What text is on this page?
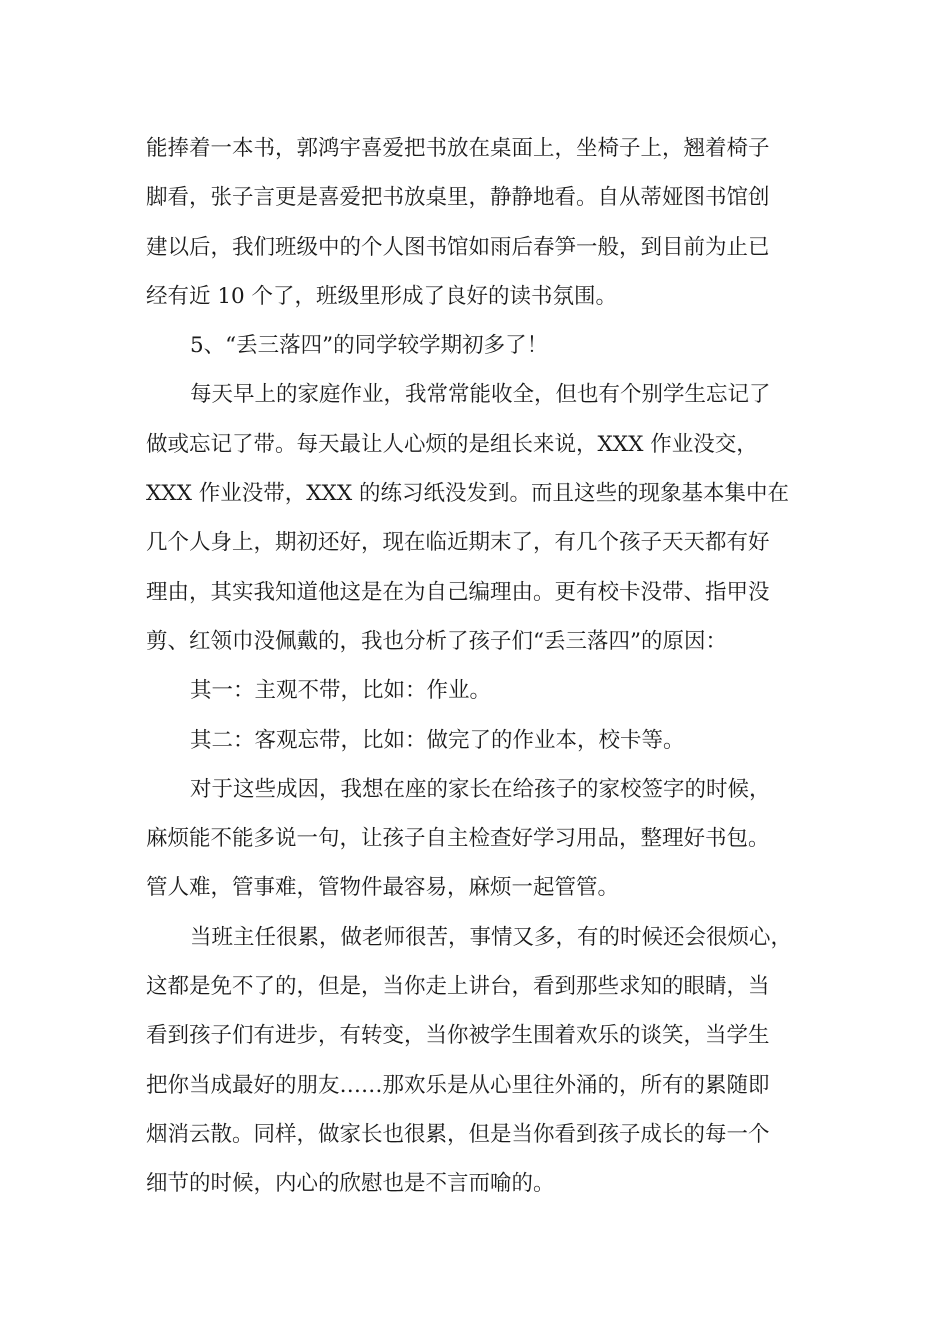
能捧着一本书，郭鸿宇喜爱把书放在桌面上，坐椅子上，翘着椅子
脚看，张子言更是喜爱把书放桌里，静静地看。自从蒂娅图书馆创
建以后，我们班级中的个人图书馆如雨后春笋一般，到目前为止已
经有近 10 个了，班级里形成了良好的读书氛围。
5、“丢三落四”的同学较学期初多了！
每天早上的家庭作业，我常常能收全，但也有个别学生忘记了
做或忘记了带。每天最让人心烦的是组长来说，XXX 作业没交，
XXX 作业没带，XXX 的练习纸没发到。而且这些的现象基本集中在
几个人身上，期初还好，现在临近期末了，有几个孩子天天都有好
理由，其实我知道他这是在为自己编理由。更有校卡没带、指甲没
剪、红领巾没佩戴的，我也分析了孩子们“丢三落四”的原因：
其一：主观不带，比如：作业。
其二：客观忘带，比如：做完了的作业本，校卡等。
对于这些成因，我想在座的家长在给孩子的家校签字的时候，
麻烦能不能多说一句，让孩子自主检查好学习用品，整理好书包。
管人难，管事难，管物件最容易，麻烦一起管管。
当班主任很累，做老师很苦，事情又多，有的时候还会很烦心，
这都是免不了的，但是，当你走上讲台，看到那些求知的眼睛，当
看到孩子们有进步，有转变，当你被学生围着欢乐的谈笑，当学生
把你当成最好的朋友……那欢乐是从心里往外涌的，所有的累随即
烟消云散。同样，做家长也很累，但是当你看到孩子成长的每一个
细节的时候，内心的欣慰也是不言而喻的。
